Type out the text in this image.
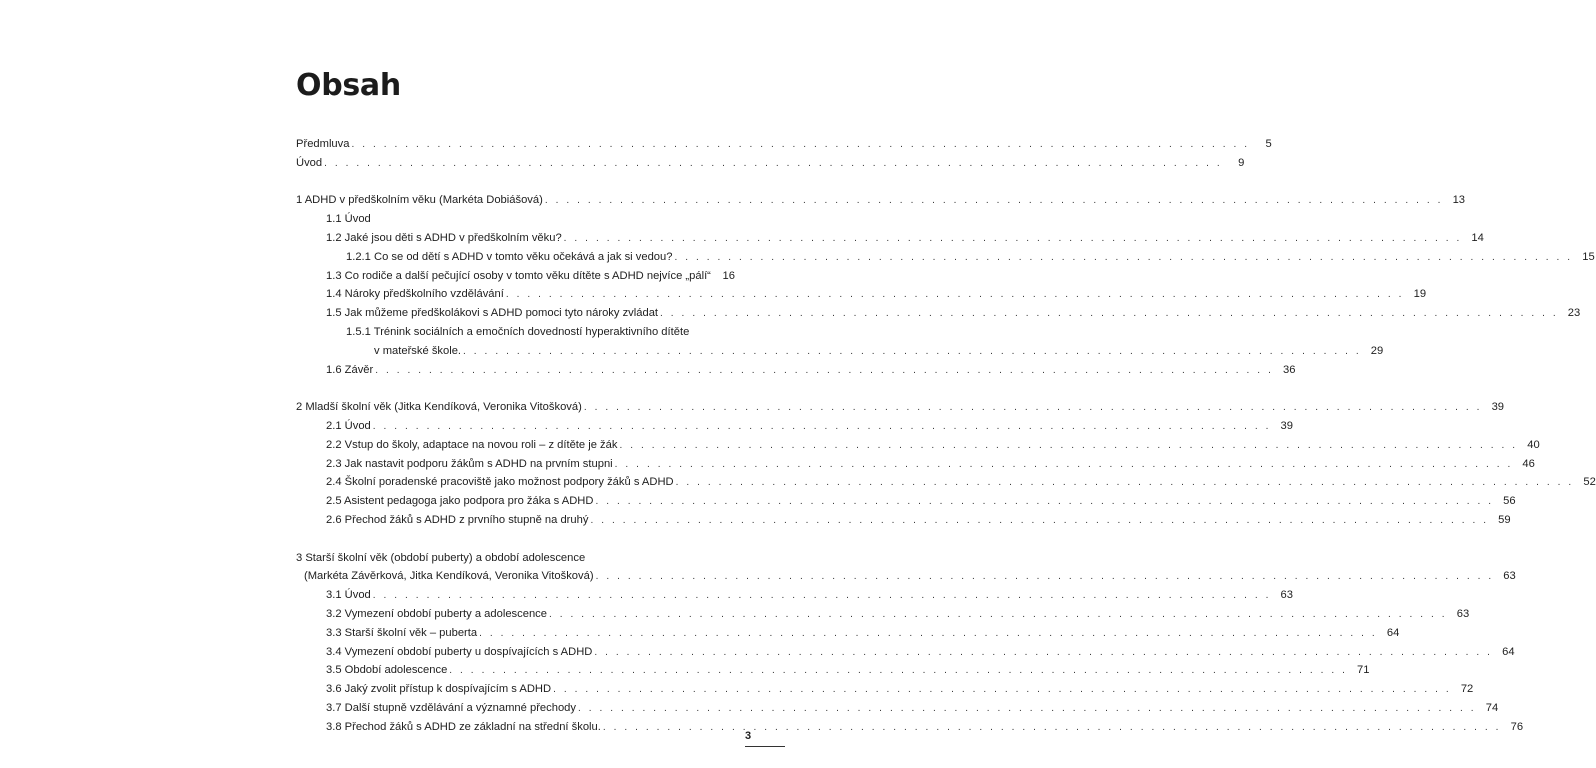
Obsah
Předmluva . . . . . . . . . . . . . . . . . . . . . . . . . . . . . . . . . . . . . . . . . . . . . . . . . . . . . . . . . . . . . . . . . . . . . . . . . . . . . . . . . . . .	5
Úvod . . . . . . . . . . . . . . . . . . . . . . . . . . . . . . . . . . . . . . . . . . . . . . . . . . . . . . . . . . . . . . . . . . . . . . . . . . . . . . . . . . . .	9
1 ADHD v předškolním věku (Markéta Dobiášová) . . . . . . . . . . . . . . . . . . . . . . . . . . . . . . . . . . . . . . . . . . . . . . . . . . . . . . . . . . . . . . . . . . . . . . . . . . . . . . . . . . . . 13
1.1 Úvod
1.2 Jaké jsou děti s ADHD v předškolním věku? . . . . . . . . . . . . . . . . . . . . . . . . . . . . . . . . . . . . . . . . . . . . . . . . . . . . . . . . . . . . . . . . . . . . . . . . . . . . . . . . . . . . 14
1.2.1 Co se od dětí s ADHD v tomto věku očekává a jak si vedou? . . . . . . . . . . . . . . . . . . . . . . . . . . . . . . . . . . . . . . . . . . . . . . . . . . . . . . . . . . . . . . . . . . . . . . . . . . . . . . . . . . . . 15
1.3 Co rodiče a další pečující osoby v tomto věku dítěte s ADHD nejvíce „pálí“	16
1.4 Nároky předškolního vzdělávání . . . . . . . . . . . . . . . . . . . . . . . . . . . . . . . . . . . . . . . . . . . . . . . . . . . . . . . . . . . . . . . . . . . . . . . . . . . . . . . . . . . . 19
1.5 Jak můžeme předškolákovi s ADHD pomoci tyto nároky zvládat . . . . . . . . . . . . . . . . . . . . . . . . . . . . . . . . . . . . . . . . . . . . . . . . . . . . . . . . . . . . . . . . . . . . . . . . . . . . . . . . . . . . 23
1.5.1 Trénink sociálních a emočních dovedností hyperaktivního dítěte
v mateřské škole. . . . . . . . . . . . . . . . . . . . . . . . . . . . . . . . . . . . . . . . . . . . . . . . . . . . . . . . . . . . . . . . . . . . . . . . . . . . . . . . . . . . . 29
1.6 Závěr . . . . . . . . . . . . . . . . . . . . . . . . . . . . . . . . . . . . . . . . . . . . . . . . . . . . . . . . . . . . . . . . . . . . . . . . . . . . . . . . . . . . 36
2 Mladší školní věk (Jitka Kendíková, Veronika Vitošková) . . . . . . . . . . . . . . . . . . . . . . . . . . . . . . . . . . . . . . . . . . . . . . . . . . . . . . . . . . . . . . . . . . . . . . . . . . . . . . . . . . . . 39
2.1 Úvod . . . . . . . . . . . . . . . . . . . . . . . . . . . . . . . . . . . . . . . . . . . . . . . . . . . . . . . . . . . . . . . . . . . . . . . . . . . . . . . . . . . . 39
2.2 Vstup do školy, adaptace na novou roli – z dítěte je žák . . . . . . . . . . . . . . . . . . . . . . . . . . . . . . . . . . . . . . . . . . . . . . . . . . . . . . . . . . . . . . . . . . . . . . . . . . . . . . . . . . . . 40
2.3 Jak nastavit podporu žákům s ADHD na prvním stupni . . . . . . . . . . . . . . . . . . . . . . . . . . . . . . . . . . . . . . . . . . . . . . . . . . . . . . . . . . . . . . . . . . . . . . . . . . . . . . . . . . . . 46
2.4 Školní poradenské pracoviště jako možnost podpory žáků s ADHD . . . . . . . . . . . . . . . . . . . . . . . . . . . . . . . . . . . . . . . . . . . . . . . . . . . . . . . . . . . . . . . . . . . . . . . . . . . . . . . . . . . . 52
2.5 Asistent pedagoga jako podpora pro žáka s ADHD . . . . . . . . . . . . . . . . . . . . . . . . . . . . . . . . . . . . . . . . . . . . . . . . . . . . . . . . . . . . . . . . . . . . . . . . . . . . . . . . . . . . 56
2.6 Přechod žáků s ADHD z prvního stupně na druhý . . . . . . . . . . . . . . . . . . . . . . . . . . . . . . . . . . . . . . . . . . . . . . . . . . . . . . . . . . . . . . . . . . . . . . . . . . . . . . . . . . . . 59
3 Starší školní věk (období puberty) a období adolescence
(Markéta Závěrková, Jitka Kendíková, Veronika Vitošková) . . . . . . . . . . . . . . . . . . . . . . . . . . . . . . . . . . . . . . . . . . . . . . . . . . . . . . . . . . . . . . . . . . . . . . . . . . . . . . . . . . . . 63
3.1 Úvod . . . . . . . . . . . . . . . . . . . . . . . . . . . . . . . . . . . . . . . . . . . . . . . . . . . . . . . . . . . . . . . . . . . . . . . . . . . . . . . . . . . . 63
3.2 Vymezení období puberty a adolescence . . . . . . . . . . . . . . . . . . . . . . . . . . . . . . . . . . . . . . . . . . . . . . . . . . . . . . . . . . . . . . . . . . . . . . . . . . . . . . . . . . . . 63
3.3 Starší školní věk – puberta . . . . . . . . . . . . . . . . . . . . . . . . . . . . . . . . . . . . . . . . . . . . . . . . . . . . . . . . . . . . . . . . . . . . . . . . . . . . . . . . . . . . 64
3.4 Vymezení období puberty u dospívajících s ADHD . . . . . . . . . . . . . . . . . . . . . . . . . . . . . . . . . . . . . . . . . . . . . . . . . . . . . . . . . . . . . . . . . . . . . . . . . . . . . . . . . . . . 64
3.5 Období adolescence . . . . . . . . . . . . . . . . . . . . . . . . . . . . . . . . . . . . . . . . . . . . . . . . . . . . . . . . . . . . . . . . . . . . . . . . . . . . . . . . . . . . 71
3.6 Jaký zvolit přístup k dospívajícím s ADHD . . . . . . . . . . . . . . . . . . . . . . . . . . . . . . . . . . . . . . . . . . . . . . . . . . . . . . . . . . . . . . . . . . . . . . . . . . . . . . . . . . . . 72
3.7 Další stupně vzdělávání a významné přechody . . . . . . . . . . . . . . . . . . . . . . . . . . . . . . . . . . . . . . . . . . . . . . . . . . . . . . . . . . . . . . . . . . . . . . . . . . . . . . . . . . . . 74
3.8 Přechod žáků s ADHD ze základní na střední školu. . . . . . . . . . . . . . . . . . . . . . . . . . . . . . . . . . . . . . . . . . . . . . . . . . . . . . . . . . . . . . . . . . . . . . . . . . . . . . . . . . . . . 76
3
